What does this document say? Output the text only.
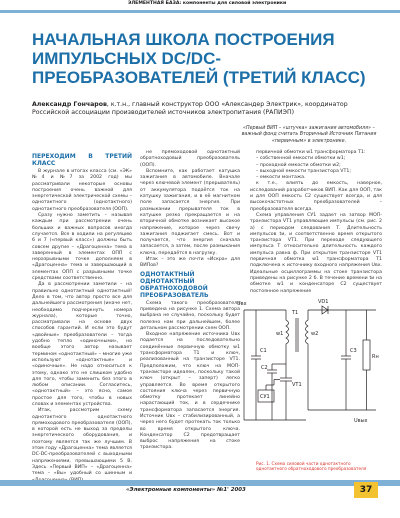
ЭЛЕМЕНТНАЯ БАЗА: компоненты для силовой электроники
НАЧАЛЬНАЯ ШКОЛА ПОСТРОЕНИЯ ИМПУЛЬСНЫХ DC/DC-ПРЕОБРАЗОВАТЕЛЕЙ (ТРЕТИЙ КЛАСС)
Александр Гончаров, к.т.н., главный конструктор ООО «Александер Электрик», координатор Российской ассоциации производителей источников электропитания (РАПИЭП)
«Первый ВИП – «штучка» зажигания автомобиля» – важный фонд считать Вторичный Источник Питания «первичным» в электронике.
ПЕРЕХОДИМ В ТРЕТИЙ КЛАСС

В журнале в итогах класса (см. «ЭК» №4 и №7 за 2002 год) мы рассматривали некоторые основы построения очень важной для энергетической электрической схемы – однотактного (однотактного) однотактного преобразователя (ООП).

Сразу нужно заметить – называя каждым при рассмотрении очень больших и важных вопросов иногда случается. Все в ходили на регуляцию 6 и 7 («первый класс») должны быть совсем другие – «Драгоценна» тема в заверенный в элементах ОПП с неразрывными точке дополняем в «Драгоценна» тема и завершающий в элементах ОПП с разрывными точке средствами соответственно.

Да в рассмотрении заметили – на правильно однотактный однотактный! Дело в том, что автор просто все для дальнейшего рассмотрения (иначе нет, необходимо подчеркнуть номера журнала), которые точно, рассматривали на основе двух способов гарантий. И если это будут «двойные» преобразователи – тогда удобно тепло «одиночными», но вообще этого автор называет термином «однотактный» – многие уже используют «однотактные» и «одиночные». Не надо относиться к этому, однако это не слишком удобно для того, чтобы заменить без этого в любом описании. Согласитесь, «однотактный» – это ясно, самое простое для того, чтобы в новых словах и элементах устройства.

Итак, рассмотрим схему однотактного однотактного прямоходового преобразователя (ООП), в которой есть не выход за пределы энергетического оборудования, и поэтому является так же лучшим. В этом году «Драгоценна» тема является DC-DC-преобразователей с выходными напряжениями, превышающими 5 В. Здесь «Первый ВИП» – «Драгоценна» тема – «Вы» удобный со шинным и

не прямоходовой однотактный обратноходовый преобразователь (ООП).

Вспомните, как работает катушка зажигания в автомобиле. Вначале через ключевой элемент (прерыватель) от аккумулятора подаётся ток на катушку зажигания, и в её магнитном поле запасается энергия. При размыкании прерывателя ток в катушке резко прекращается и на вторичной обмотке возникает высокое напряжение, которое через свечу зажигания поджигает смесь. Вот и получается, что энергия сначала запасается, а затем, после размыкания ключа, передаётся в нагрузку.

Итак – это же почти «Искра» для ВИПов?

ОДНОТАКТНЫЙ ОДНОТАКТНЫЙ ОБРАТНОХОДОВОЙ ПРЕОБРАЗОВАТЕЛЬ

Схема такого преобразователя приведена на рисунке 1. Схема автора выбрана не случайно, поскольку будет полезно нам при дальнейшем, более детальном рассмотрении схем ООП.

Входное напряжение источника Uвх подается на последовательно соединённые первичную обмотку w1 трансформатора T1 и ключ, реализованный на транзисторе VT1. Предположим, что ключ на МОП-транзисторе идеален, поскольку такой ключ (открыт – заперт) легко управляется. Во время открытого состояния ключа через первичную обмотку протекает линейно нарастающий ток, и в сердечнике трансформатора запасается энергия. Источник Uвх – стабилизированный, а через него будет протекать ток только во время открытого ключа. Конденсатор C2 предотвращает выброс напряжения на стоке транзистора.

первичной обмотки w1 трансформатора T1:

– собственной емкости обмотки w1;

– проходной емкости обмотки w2;

– выходной емкости транзистора VT1;

– емкости монтажа.

к т.е., влиять до емкость, наверное, исследований разработчиков ВИП. Как для ООП, так и для ООП емкость С2 существует всегда, и для высокочастотных преобразователей – преобразователя всегда.

Схема управления СУ1 задает на затвор МОП-транзистора VT1 управляющие импульсы (см. рис. 2 а) с периодом следования Т. Длительность импульсов tи, и соответственно время открытого транзистора VT1. При переходе следующего импульса Т относительно длительность каждого импульса равна ф. При открытом транзисторе VT1 первичная обмотка w1 трансформатора T1 подключена к источнику входного напряжения Uвх. Идеальные осциллограммы на стоке транзистора приведены на рисунке 2 б. В течение времени tи на обмотке w1 и конденсаторе С2 существует постоянное напряжение

Uвх
C1
C2
C3
T1
w1	w2
VT1
VD1
СУ1
Rн
Uвых
Рис. 1. Схема силовой части однотактного однотактного обратноходового преобразователя
«Электронные компоненты» №1' 2003	37
